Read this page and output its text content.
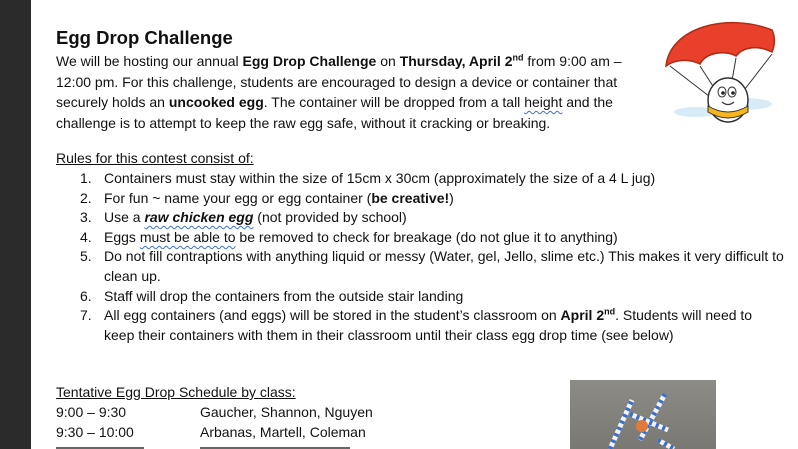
Egg Drop Challenge
We will be hosting our annual Egg Drop Challenge on Thursday, April 2nd from 9:00 am – 12:00 pm. For this challenge, students are encouraged to design a device or container that securely holds an uncooked egg. The container will be dropped from a tall height and the challenge is to attempt to keep the raw egg safe, without it cracking or breaking.
Rules for this contest consist of:
1. Containers must stay within the size of 15cm x 30cm (approximately the size of a 4 L jug)
2. For fun ~ name your egg or egg container (be creative!)
3. Use a raw chicken egg (not provided by school)
4. Eggs must be able to be removed to check for breakage (do not glue it to anything)
5. Do not fill contraptions with anything liquid or messy (Water, gel, Jello, slime etc.) This makes it very difficult to clean up.
6. Staff will drop the containers from the outside stair landing
7. All egg containers (and eggs) will be stored in the student’s classroom on April 2nd. Students will need to keep their containers with them in their classroom until their class egg drop time (see below)
Tentative Egg Drop Schedule by class:
9:00 – 9:30	Gaucher, Shannon, Nguyen
9:30 – 10:00	Arbanas, Martell, Coleman
